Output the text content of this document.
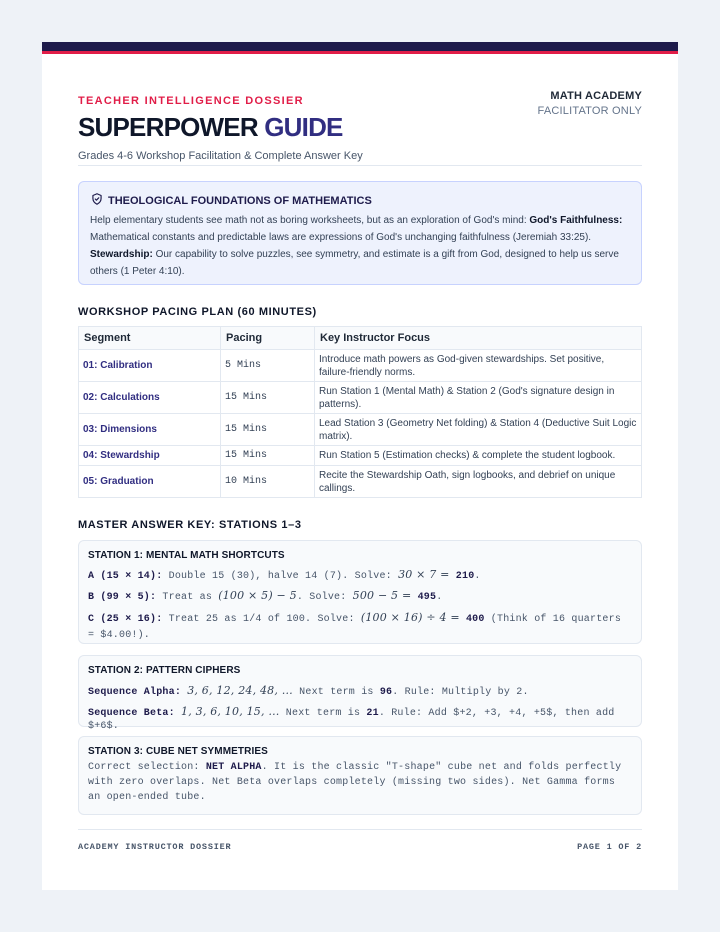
TEACHER INTELLIGENCE DOSSIER	MATH ACADEMY
FACILITATOR ONLY
SUPERPOWER GUIDE
Grades 4-6 Workshop Facilitation & Complete Answer Key
THEOLOGICAL FOUNDATIONS OF MATHEMATICS
Help elementary students see math not as boring worksheets, but as an exploration of God's mind: God's Faithfulness: Mathematical constants and predictable laws are expressions of God's unchanging faithfulness (Jeremiah 33:25). Stewardship: Our capability to solve puzzles, see symmetry, and estimate is a gift from God, designed to help us serve others (1 Peter 4:10).
WORKSHOP PACING PLAN (60 MINUTES)
Segment	Pacing	Key Instructor Focus
01: Calibration	5 Mins	Introduce math powers as God-given stewardships. Set positive, failure-friendly norms.
02: Calculations	15 Mins	Run Station 1 (Mental Math) & Station 2 (God's signature design in patterns).
03: Dimensions	15 Mins	Lead Station 3 (Geometry Net folding) & Station 4 (Deductive Suit Logic matrix).
04: Stewardship	15 Mins	Run Station 5 (Estimation checks) & complete the student logbook.
05: Graduation	10 Mins	Recite the Stewardship Oath, sign logbooks, and debrief on unique callings.
MASTER ANSWER KEY: STATIONS 1–3
STATION 1: MENTAL MATH SHORTCUTS
A (15 × 14): Double 15 (30), halve 14 (7). Solve: 30 × 7 = 210.
B (99 × 5): Treat as (100 × 5) − 5. Solve: 500 − 5 = 495.
C (25 × 16): Treat 25 as 1/4 of 100. Solve: (100 × 16) ÷ 4 = 400 (Think of 16 quarters = $4.00!).
STATION 2: PATTERN CIPHERS
Sequence Alpha: 3, 6, 12, 24, 48, … Next term is 96. Rule: Multiply by 2.
Sequence Beta: 1, 3, 6, 10, 15, … Next term is 21. Rule: Add $+2, +3, +4, +5$, then add $+6$.
STATION 3: CUBE NET SYMMETRIES
Correct selection: NET ALPHA. It is the classic "T-shape" cube net and folds perfectly with zero overlaps. Net Beta overlaps completely (missing two sides). Net Gamma forms an open-ended tube.
ACADEMY INSTRUCTOR DOSSIER	PAGE 1 OF 2
